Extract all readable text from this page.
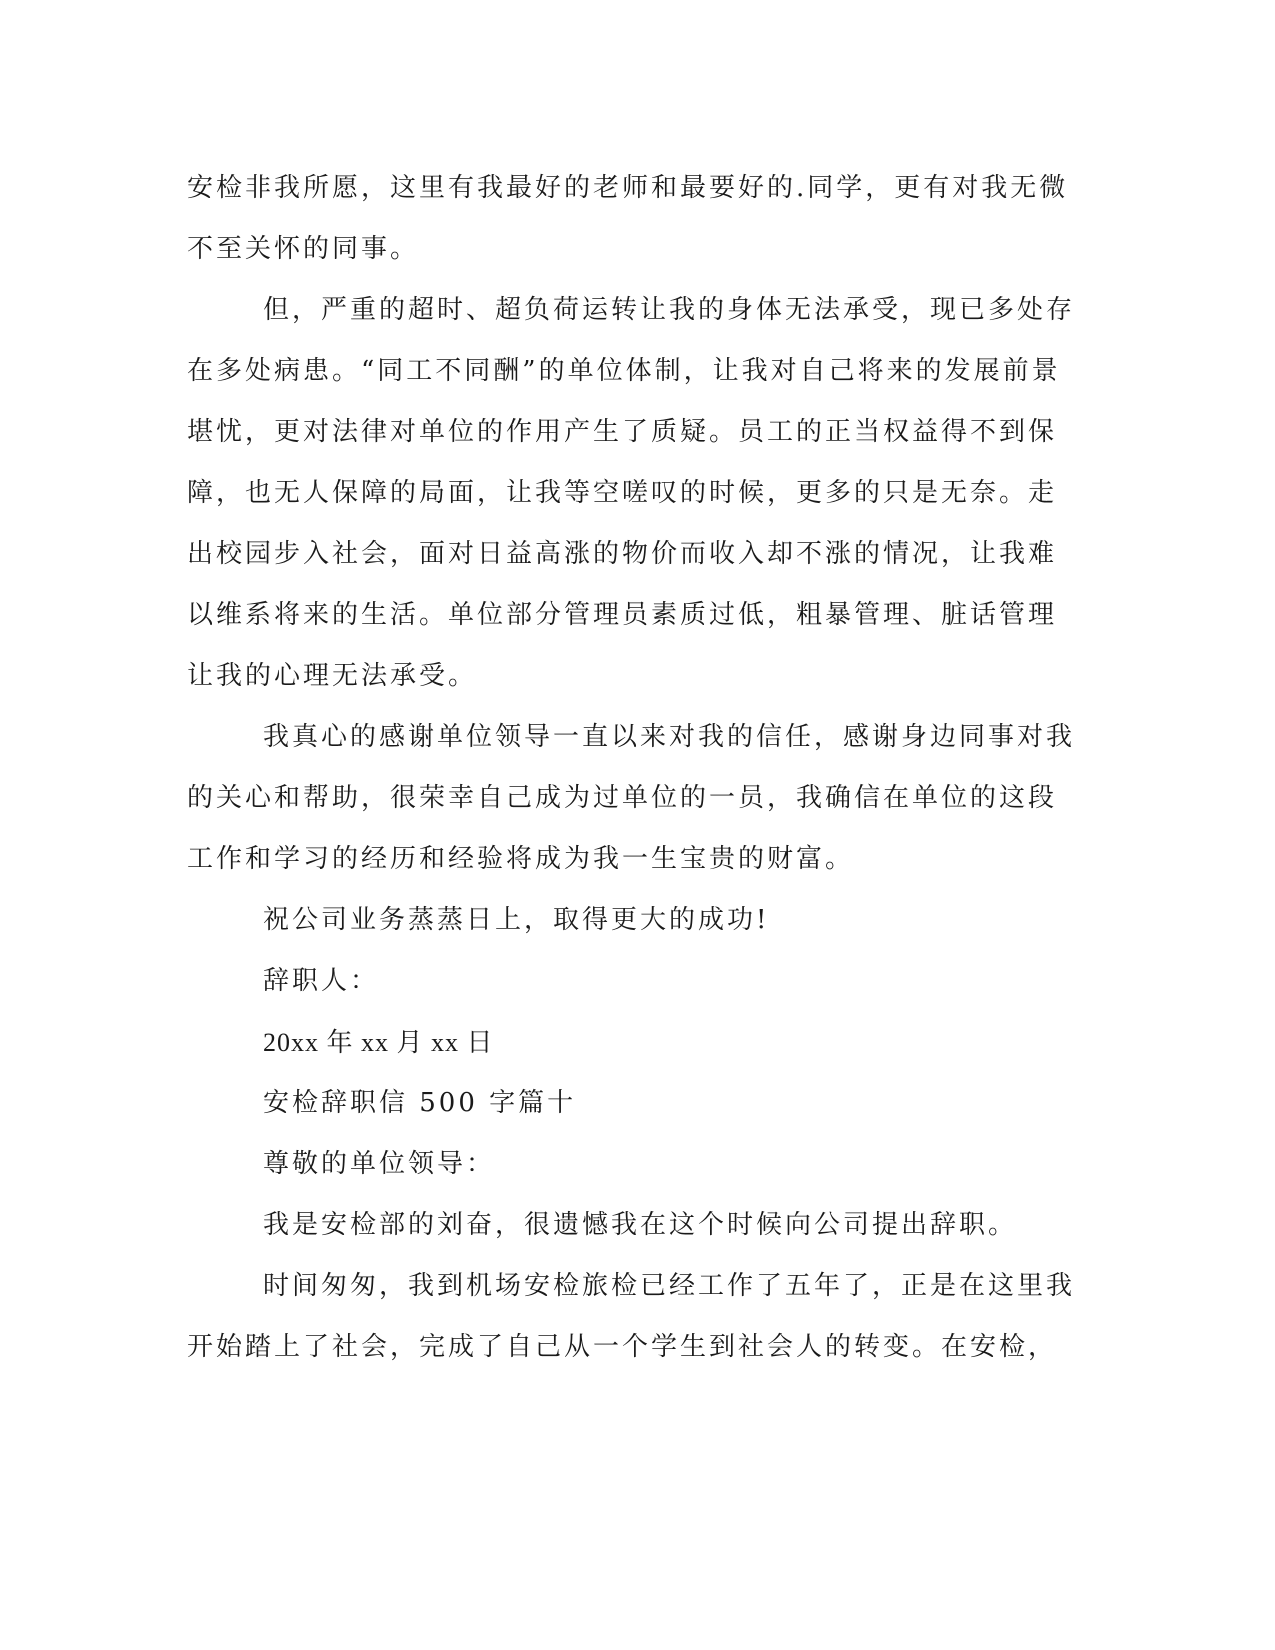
安检非我所愿，这里有我最好的老师和最要好的.同学，更有对我无微
不至关怀的同事。
但，严重的超时、超负荷运转让我的身体无法承受，现已多处存
在多处病患。“同工不同酬”的单位体制，让我对自己将来的发展前景
堪忧，更对法律对单位的作用产生了质疑。员工的正当权益得不到保
障，也无人保障的局面，让我等空嗟叹的时候，更多的只是无奈。走
出校园步入社会，面对日益高涨的物价而收入却不涨的情况，让我难
以维系将来的生活。单位部分管理员素质过低，粗暴管理、脏话管理
让我的心理无法承受。
我真心的感谢单位领导一直以来对我的信任，感谢身边同事对我
的关心和帮助，很荣幸自己成为过单位的一员，我确信在单位的这段
工作和学习的经历和经验将成为我一生宝贵的财富。
祝公司业务蒸蒸日上，取得更大的成功!
辞职人：
20xx 年 xx 月 xx 日
安检辞职信 500 字篇十
尊敬的单位领导：
我是安检部的刘奋，很遗憾我在这个时候向公司提出辞职。
时间匆匆，我到机场安检旅检已经工作了五年了，正是在这里我
开始踏上了社会，完成了自己从一个学生到社会人的转变。在安检，
